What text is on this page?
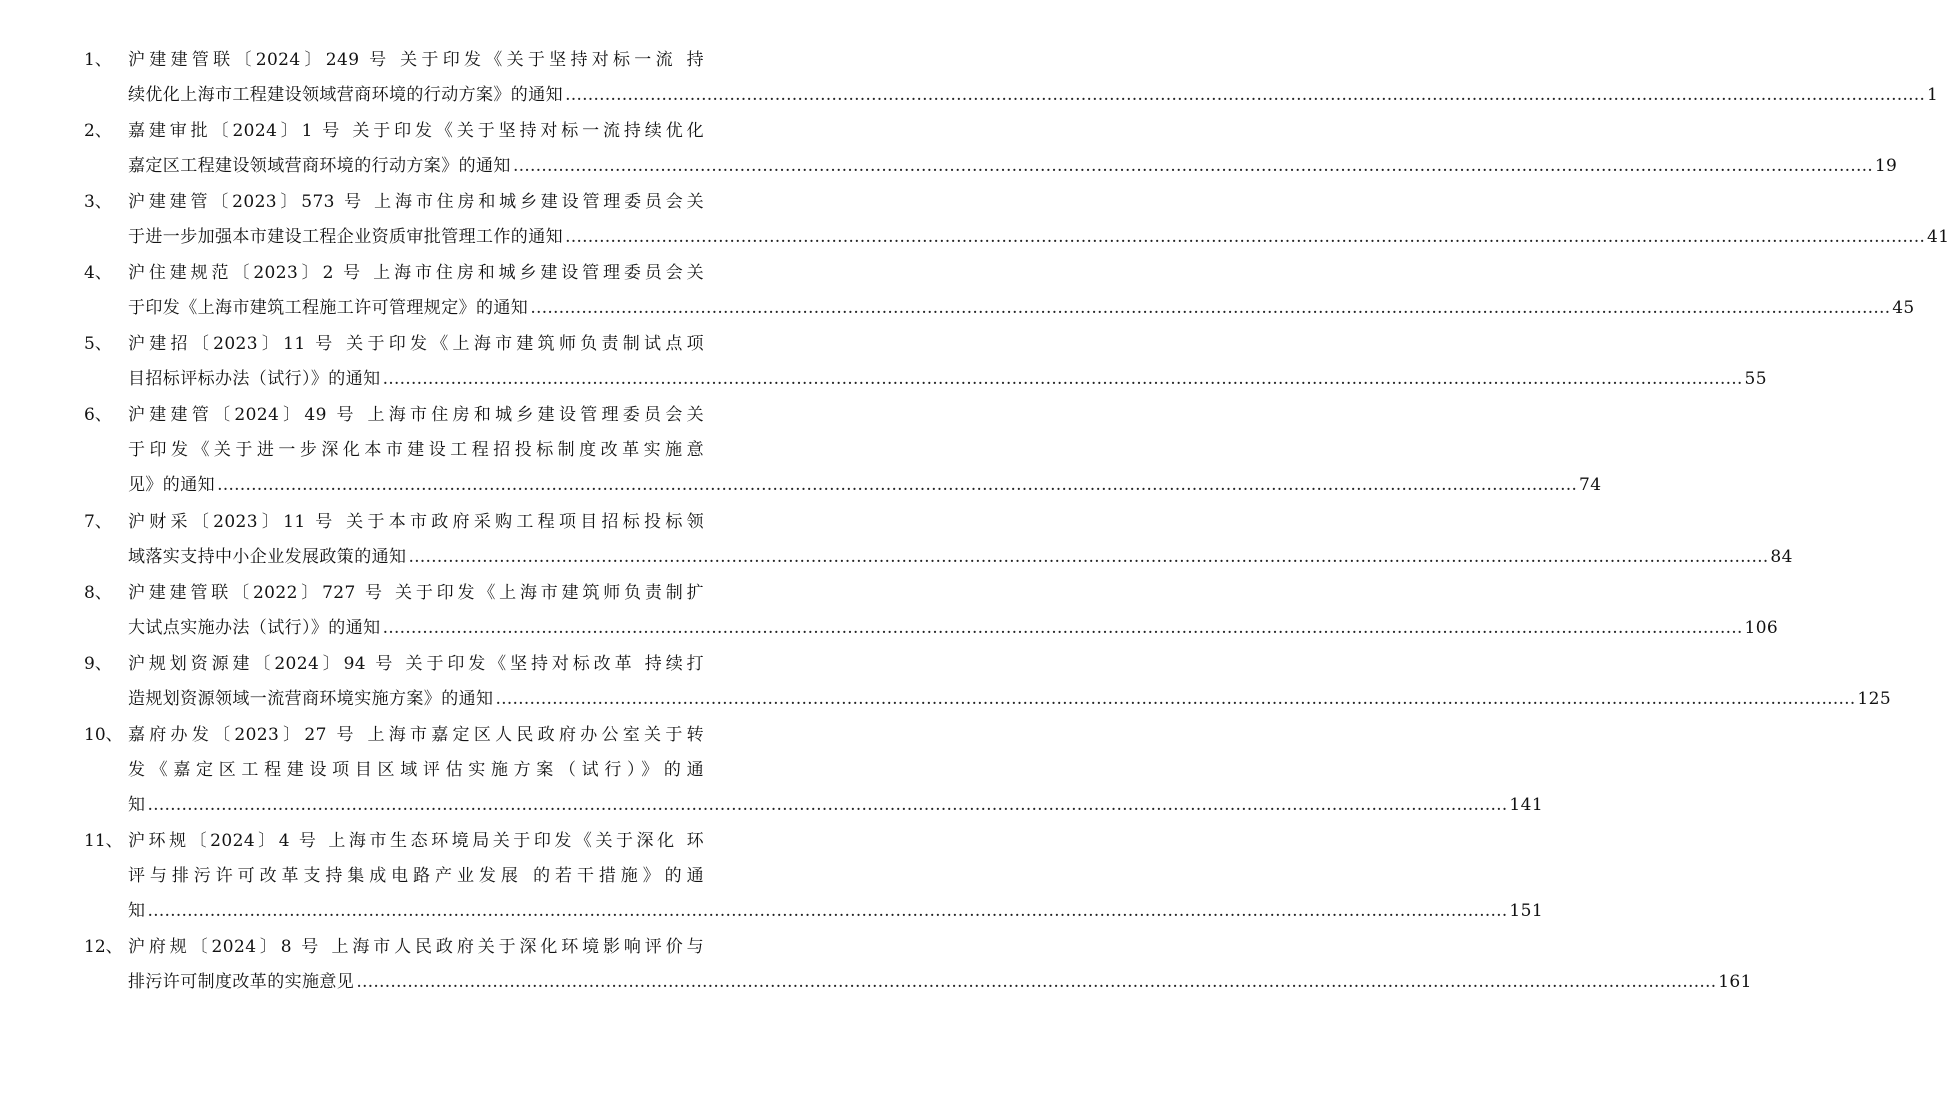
1、 沪建建管联〔2024〕249 号 关于印发《关于坚持对标一流 持
续优化上海市工程建设领域营商环境的行动方案》的通知 …………………………………………………………………………………………………………………………………………………………………………………………………………………… 1
2、 嘉建审批〔2024〕1 号 关于印发《关于坚持对标一流持续优化
嘉定区工程建设领域营商环境的行动方案》的通知 …………………………………………………………………………………………………………………………………………………………………………………………………………………… 19
3、 沪建建管〔2023〕573 号 上海市住房和城乡建设管理委员会关
于进一步加强本市建设工程企业资质审批管理工作的通知 …………………………………………………………………………………………………………………………………………………………………………………………………………………… 41
4、 沪住建规范〔2023〕2 号 上海市住房和城乡建设管理委员会关
于印发《上海市建筑工程施工许可管理规定》的通知 …………………………………………………………………………………………………………………………………………………………………………………………………………………… 45
5、 沪建招〔2023〕11 号 关于印发《上海市建筑师负责制试点项
目招标评标办法（试行）》的通知 …………………………………………………………………………………………………………………………………………………………………………………………………………………… 55
6、 沪建建管〔2024〕49 号 上海市住房和城乡建设管理委员会关
于印发《关于进一步深化本市建设工程招投标制度改革实施意
见》的通知 …………………………………………………………………………………………………………………………………………………………………………………………………………………… 74
7、 沪财采〔2023〕11 号 关于本市政府采购工程项目招标投标领
域落实支持中小企业发展政策的通知 …………………………………………………………………………………………………………………………………………………………………………………………………………………… 84
8、 沪建建管联〔2022〕727 号 关于印发《上海市建筑师负责制扩
大试点实施办法（试行）》的通知 …………………………………………………………………………………………………………………………………………………………………………………………………………………… 106
9、 沪规划资源建〔2024〕94 号 关于印发《坚持对标改革 持续打
造规划资源领域一流营商环境实施方案》的通知 …………………………………………………………………………………………………………………………………………………………………………………………………………………… 125
10、 嘉府办发〔2023〕27 号 上海市嘉定区人民政府办公室关于转
发《嘉定区工程建设项目区域评估实施方案（试行）》的通
知 …………………………………………………………………………………………………………………………………………………………………………………………………………………… 141
11、 沪环规〔2024〕4 号 上海市生态环境局关于印发《关于深化 环
评与排污许可改革支持集成电路产业发展 的若干措施》的通
知 …………………………………………………………………………………………………………………………………………………………………………………………………………………… 151
12、 沪府规〔2024〕8 号 上海市人民政府关于深化环境影响评价与
排污许可制度改革的实施意见 …………………………………………………………………………………………………………………………………………………………………………………………………………………… 161
